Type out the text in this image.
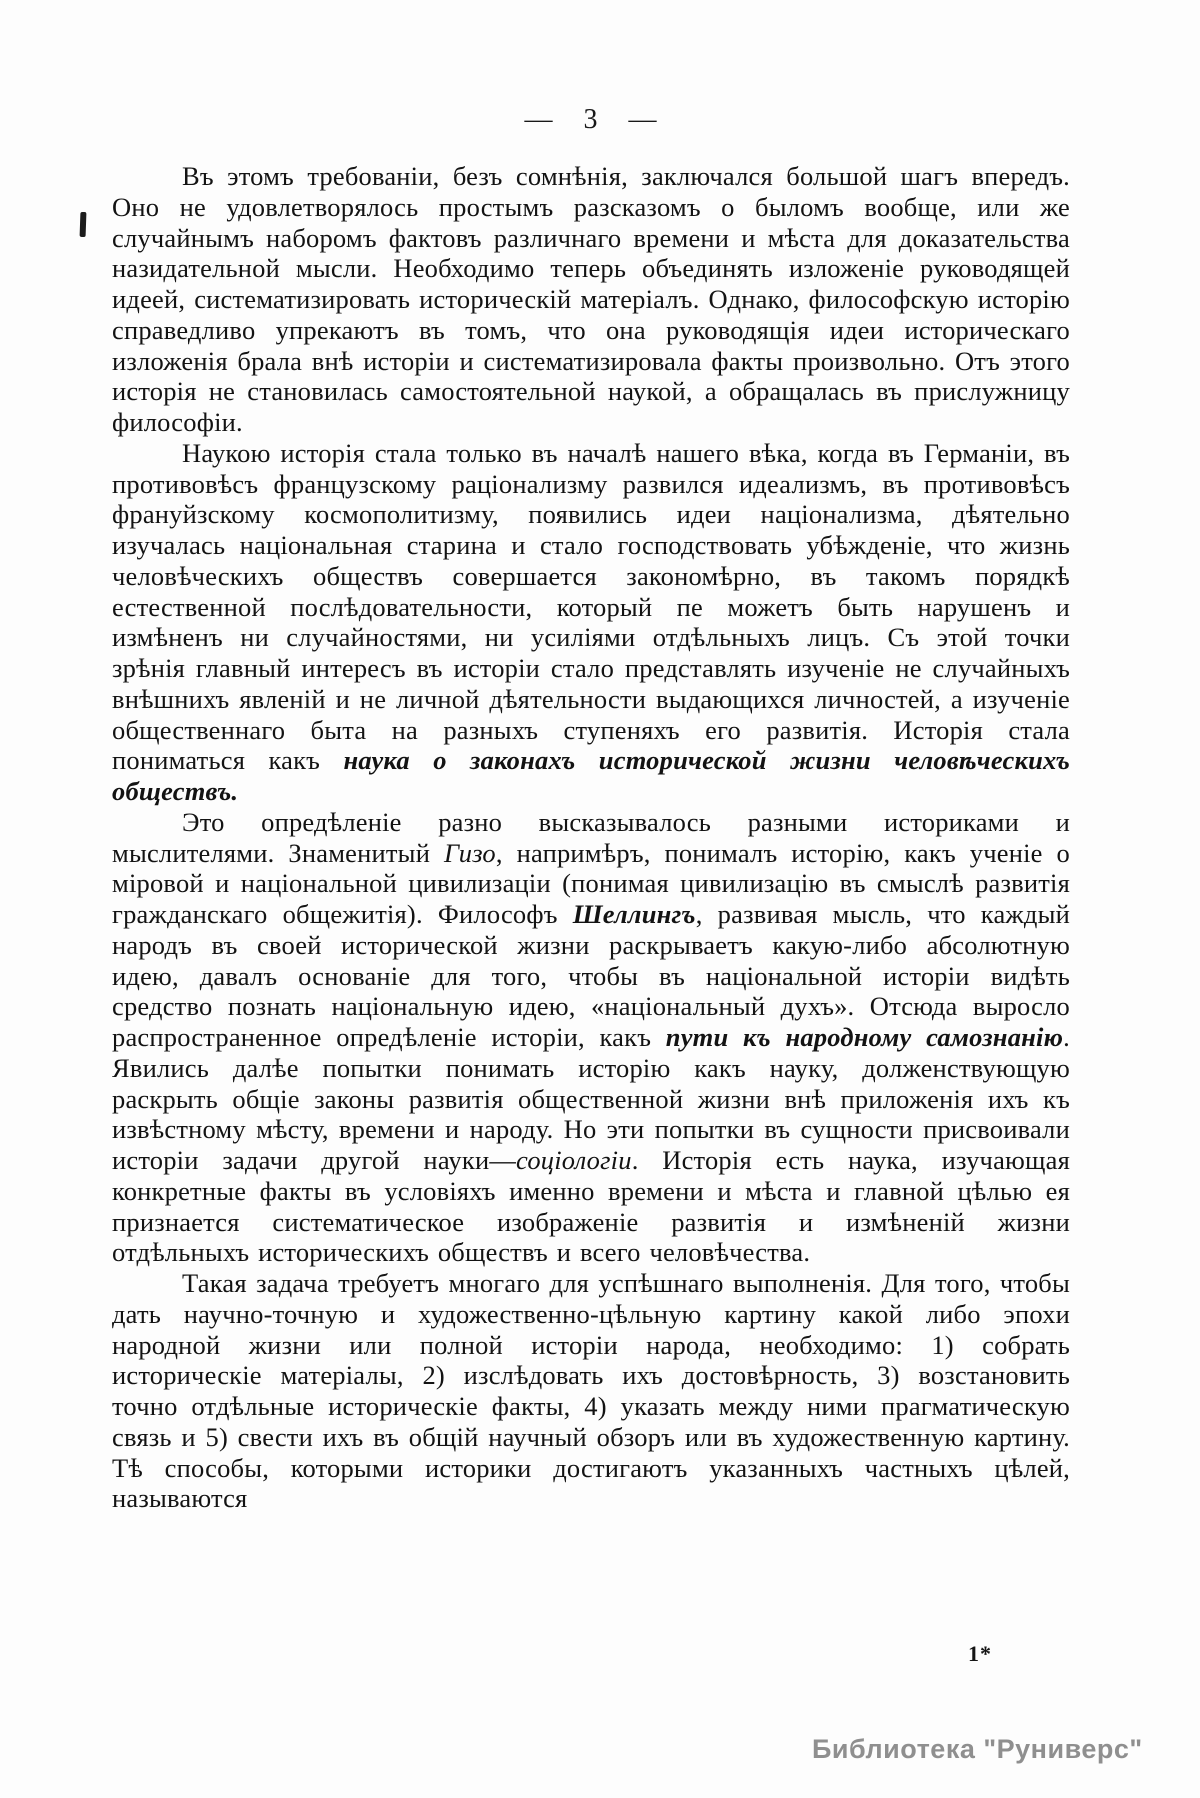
— 3 —

Въ этомъ требованіи, безъ сомнѣнія, заключался большой шагъ впередъ. Оно не удовлетворялось простымъ разсказомъ о быломъ вообще, или же случайнымъ наборомъ фактовъ различнаго времени и мѣста для доказательства назидательной мысли. Необходимо теперь объединять изложеніе руководящей идеей, систематизировать историческій матеріалъ. Однако, философскую исторію справедливо упрекаютъ въ томъ, что она руководящія идеи историческаго изложенія брала внѣ исторіи и систематизировала факты произвольно. Отъ этого исторія не становилась самостоятельной наукой, а обращалась въ прислужницу философіи.

Наукою исторія стала только въ началѣ нашего вѣка, когда въ Германіи, въ противовѣсъ французскому раціонализму развился идеализмъ, въ противовѣсъ франуйзскому космополитизму, появились идеи націонализма, дѣятельно изучалась національная старина и стало господствовать убѣжденіе, что жизнь человѣческихъ обществъ совершается закономѣрно, въ такомъ порядкѣ естественной послѣдовательности, который пе можетъ быть нарушенъ и измѣненъ ни случайностями, ни усиліями отдѣльныхъ лицъ. Съ этой точки зрѣнія главный интересъ въ исторіи стало представлять изученіе не случайныхъ внѣшнихъ явленій и не личной дѣятельности выдающихся личностей, а изученіе общественнаго быта на разныхъ ступеняхъ его развитія. Исторія стала пониматься какъ наука о законахъ исторической жизни человѣческихъ обществъ.

Это опредѣленіе разно высказывалось разными историками и мыслителями. Знаменитый Гизо, напримѣръ, понималъ исторію, какъ ученіе о міровой и національной цивилизаціи (понимая цивилизацію въ смыслѣ развитія гражданскаго общежитія). Философъ Шеллингъ, развивая мысль, что каждый народъ въ своей исторической жизни раскрываетъ какую-либо абсолютную идею, давалъ основаніе для того, чтобы въ національной исторіи видѣть средство познать національную идею, «національный духъ». Отсюда выросло распространенное опредѣленіе исторіи, какъ пути къ народному самознанію. Явились далѣе попытки понимать исторію какъ науку, долженствующую раскрыть общіе законы развитія общественной жизни внѣ приложенія ихъ къ извѣстному мѣсту, времени и народу. Но эти попытки въ сущности присвоивали исторіи задачи другой науки—соціологіи. Исторія есть наука, изучающая конкретные факты въ условіяхъ именно времени и мѣста и главной цѣлью ея признается систематическое изображеніе развитія и измѣненій жизни отдѣльныхъ историческихъ обществъ и всего человѣчества.

Такая задача требуетъ многаго для успѣшнаго выполненія. Для того, чтобы дать научно-точную и художественно-цѣльную картину какой либо эпохи народной жизни или полной исторіи народа, необходимо: 1) собрать историческіе матеріалы, 2) изслѣдовать ихъ достовѣрность, 3) возстановить точно отдѣльные историческіе факты, 4) указать между ними прагматическую связь и 5) свести ихъ въ общій научный обзоръ или въ художественную картину. Тѣ способы, которыми историки достигаютъ указанныхъ частныхъ цѣлей, называются

1*
Библиотека "Руниверс"
